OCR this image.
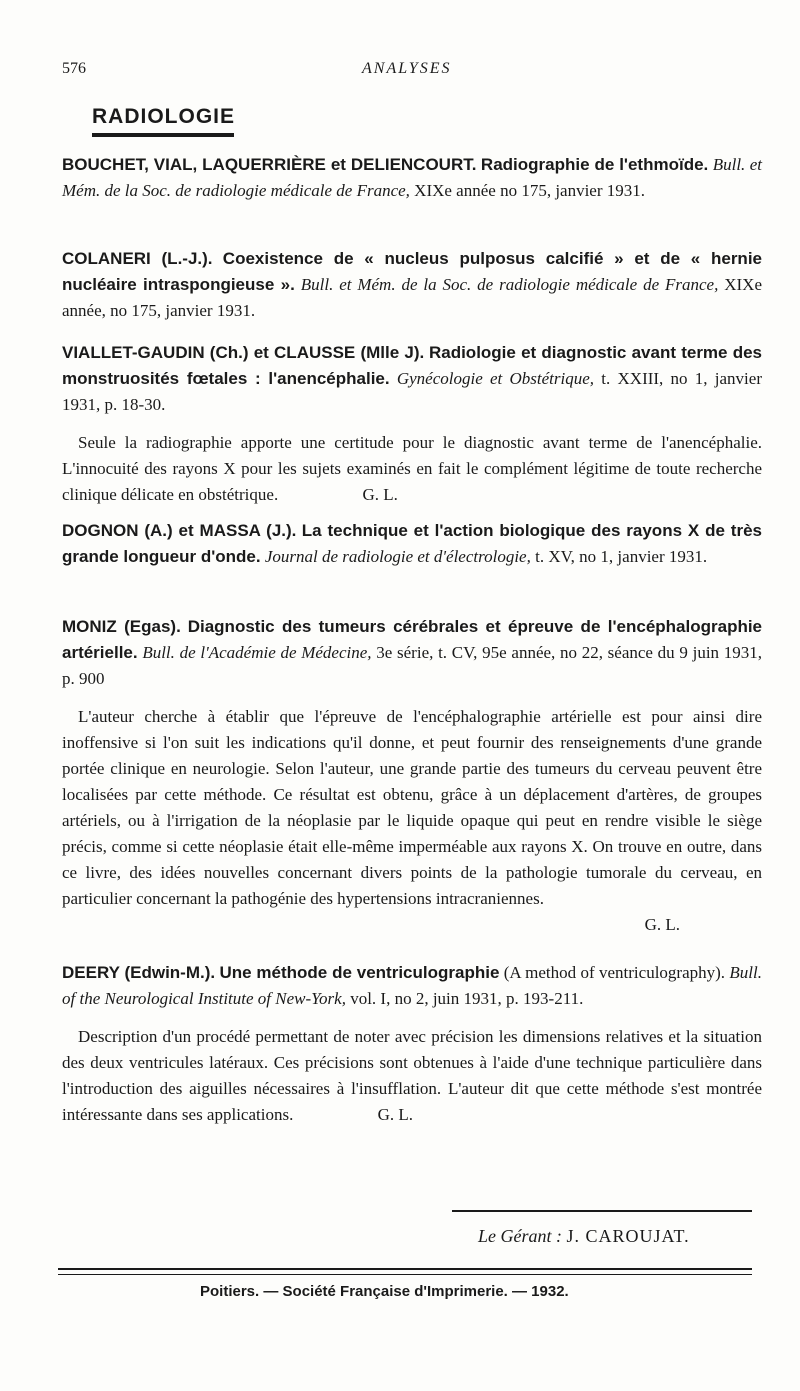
576	ANALYSES
RADIOLOGIE

BOUCHET, VIAL, LAQUERRIÈRE et DELIENCOURT. Radiographie de l'ethmoïde. Bull. et Mém. de la Soc. de radiologie médicale de France, XIXe année no 175, janvier 1931.

COLANERI (L.-J.). Coexistence de « nucleus pulposus calcifié » et de « hernie nucléaire intraspongieuse ». Bull. et Mém. de la Soc. de radiologie médicale de France, XIXe année, no 175, janvier 1931.

VIALLET-GAUDIN (Ch.) et CLAUSSE (Mlle J). Radiologie et diagnostic avant terme des monstruosités fœtales : l'anencéphalie. Gynécologie et Obstétrique, t. XXIII, no 1, janvier 1931, p. 18-30.

Seule la radiographie apporte une certitude pour le diagnostic avant terme de l'anencéphalie. L'innocuité des rayons X pour les sujets examinés en fait le complément légitime de toute recherche clinique délicate en obstétrique.	G. L.

DOGNON (A.) et MASSA (J.). La technique et l'action biologique des rayons X de très grande longueur d'onde. Journal de radiologie et d'électrologie, t. XV, no 1, janvier 1931.

MONIZ (Egas). Diagnostic des tumeurs cérébrales et épreuve de l'encéphalographie artérielle. Bull. de l'Académie de Médecine, 3e série, t. CV, 95e année, no 22, séance du 9 juin 1931, p. 900

L'auteur cherche à établir que l'épreuve de l'encéphalographie artérielle est pour ainsi dire inoffensive si l'on suit les indications qu'il donne, et peut fournir des renseignements d'une grande portée clinique en neurologie. Selon l'auteur, une grande partie des tumeurs du cerveau peuvent être localisées par cette méthode. Ce résultat est obtenu, grâce à un déplacement d'artères, de groupes artériels, ou à l'irrigation de la néoplasie par le liquide opaque qui peut en rendre visible le siège précis, comme si cette néoplasie était elle-même imperméable aux rayons X. On trouve en outre, dans ce livre, des idées nouvelles concernant divers points de la pathologie tumorale du cerveau, en particulier concernant la pathogénie des hypertensions intracraniennes.

G. L.

DEERY (Edwin-M.). Une méthode de ventriculographie (A method of ventriculography). Bull. of the Neurological Institute of New-York, vol. I, no 2, juin 1931, p. 193-211.

Description d'un procédé permettant de noter avec précision les dimensions relatives et la situation des deux ventricules latéraux. Ces précisions sont obtenues à l'aide d'une technique particulière dans l'introduction des aiguilles nécessaires à l'insufflation. L'auteur dit que cette méthode s'est montrée intéressante dans ses applications.	G. L.

Le Gérant : J. CAROUJAT.
Poitiers. — Société Française d'Imprimerie. — 1932.
